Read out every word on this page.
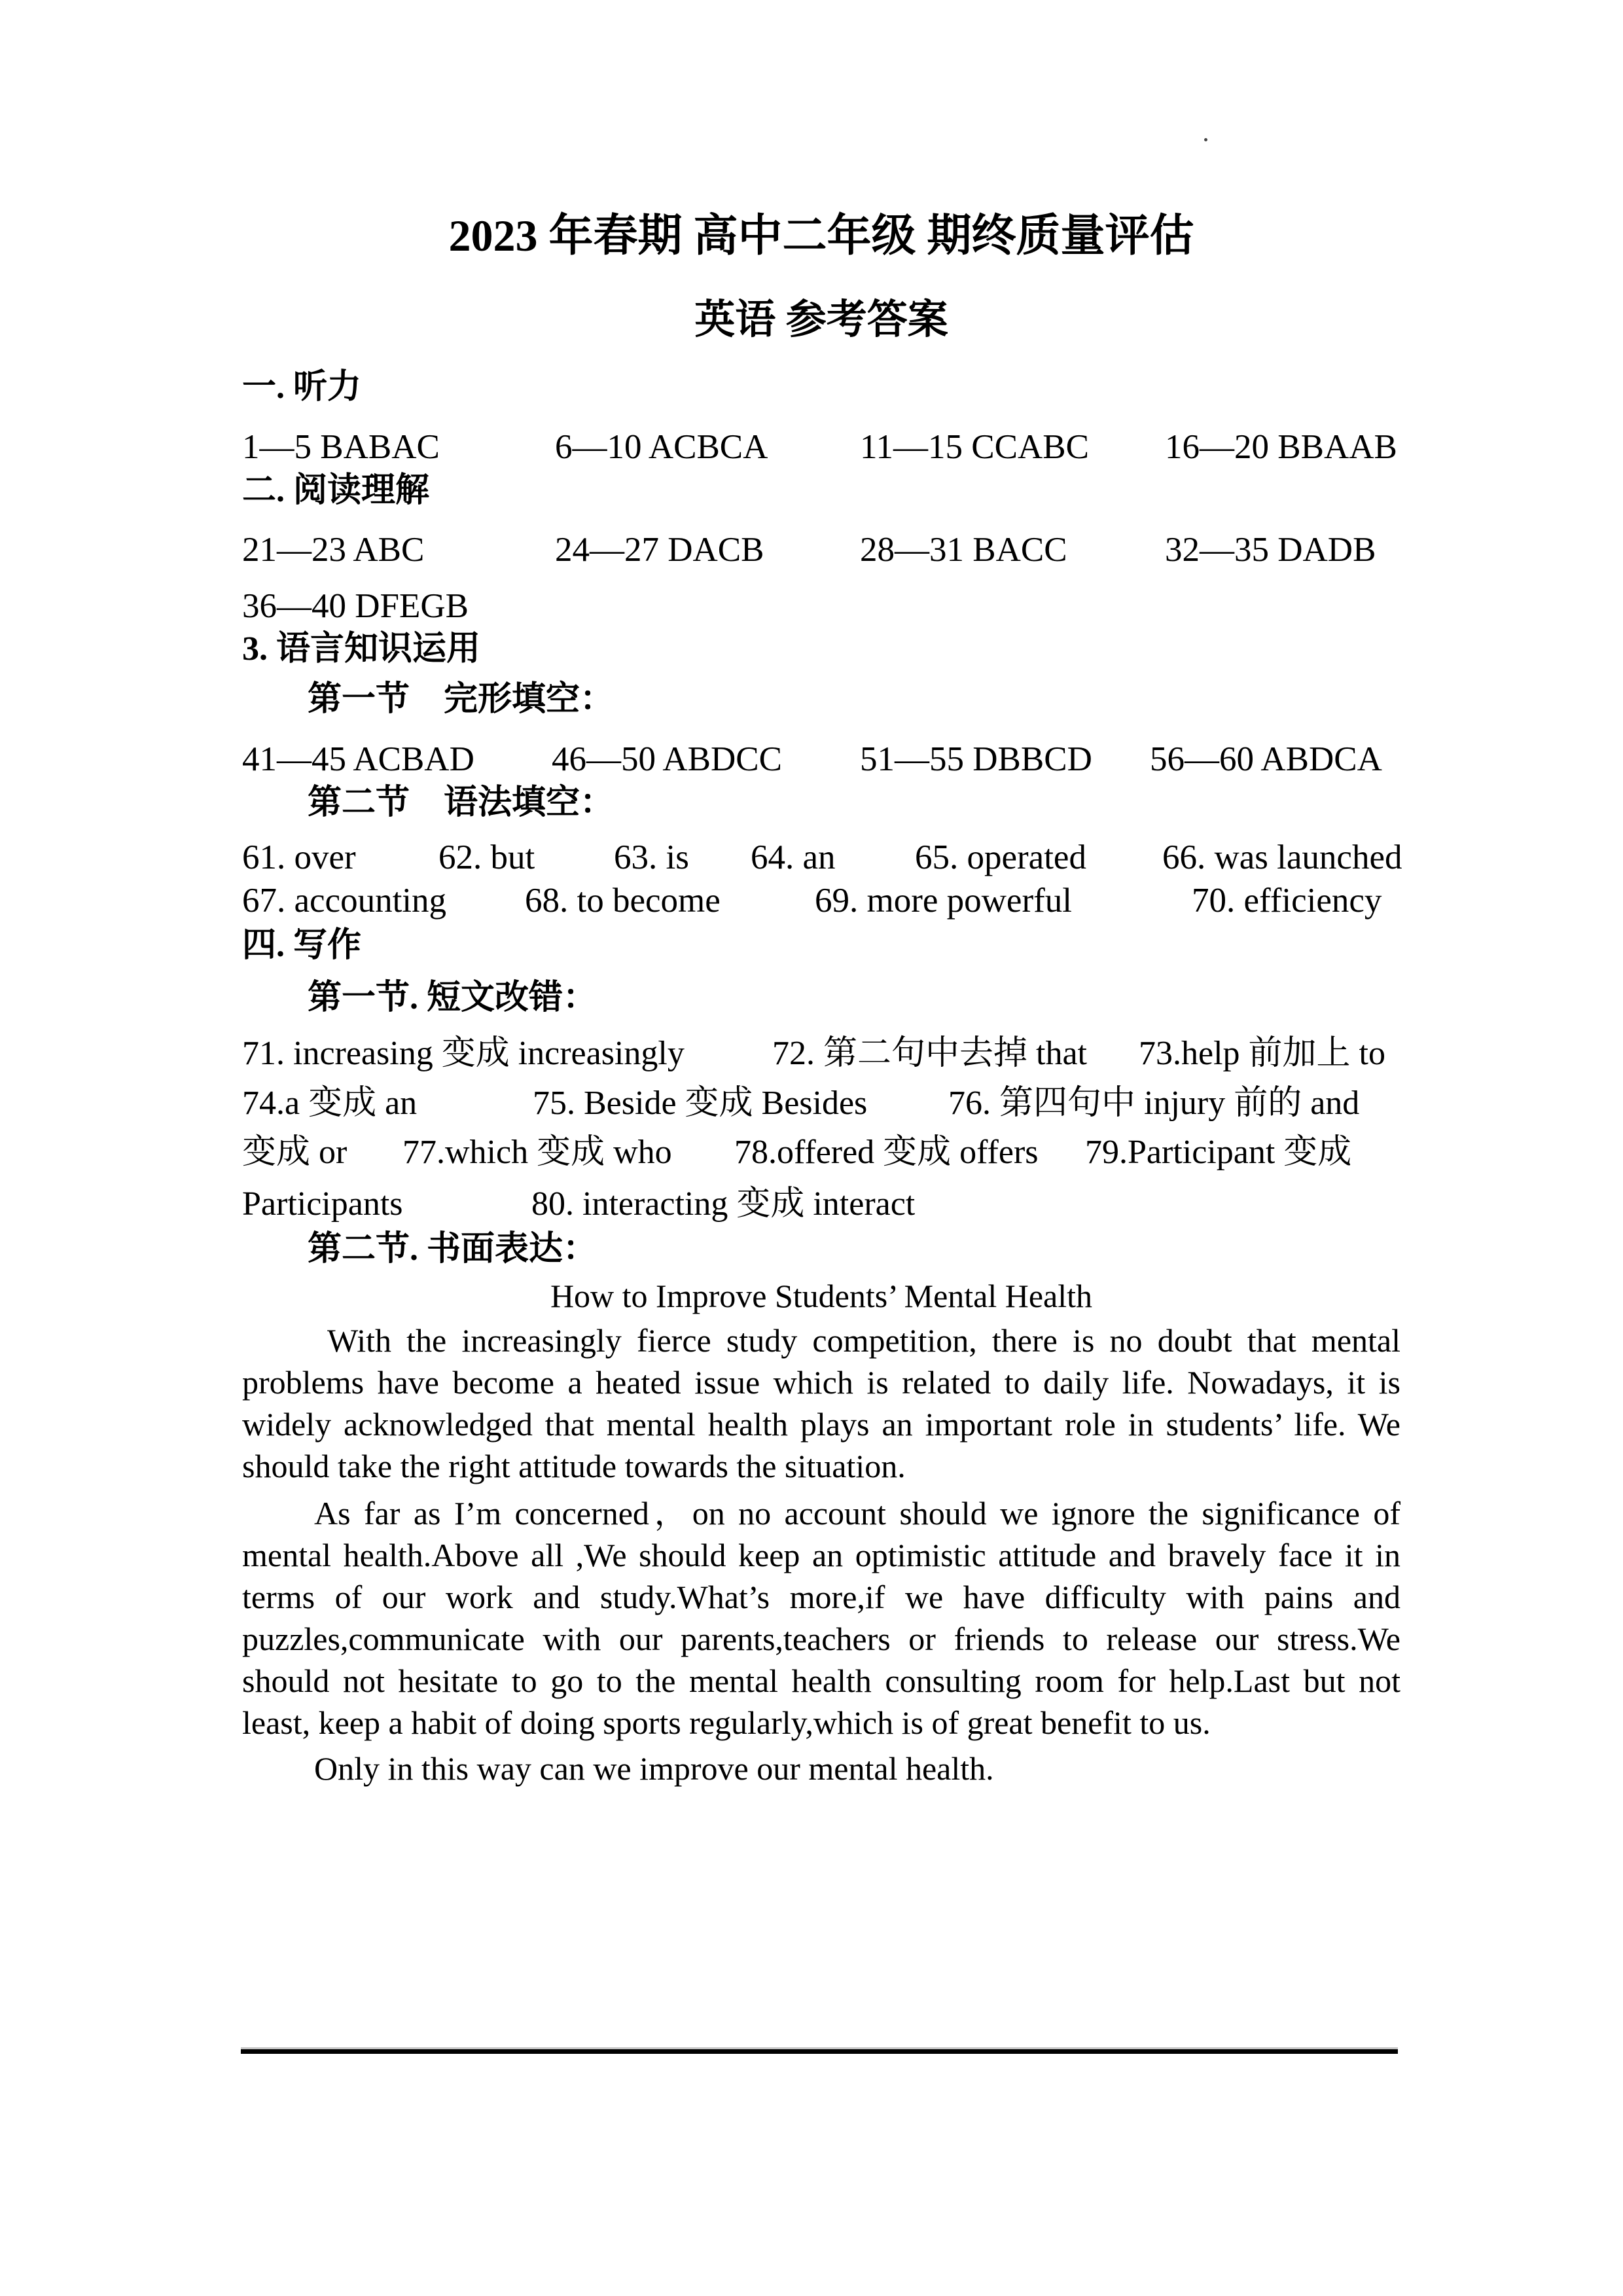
2023 年春期 高中二年级 期终质量评估
英语 参考答案
一. 听力
1—5 BABAC	6—10 ACBCA	11—15 CCABC 16—20 BBAAB
二. 阅读理解
21—23 ABC	24—27 DACB	28—31 BACC	32—35 DADB
36—40 DFEGB
3. 语言知识运用
第一节　完形填空：
41—45 ACBAD 46—50 ABDCC 51—55 DBBCD 56—60 ABDCA
第二节　语法填空：
61. over 62. but 63. is 64. an 65. operated 66. was launched
67. accounting 68. to become	69. more powerful	70. efficiency
四. 写作
第一节. 短文改错：
71. increasing 变成 increasingly	72. 第二句中去掉 that 73.help 前加上 to
74.a 变成 an	75. Beside 变成 Besides 76. 第四句中 injury 前的 and
变成 or 77.which 变成 who 78.offered 变成 offers 79.Participant 变成
Participants	80. interacting 变成 interact
第二节. 书面表达：
How to Improve Students’ Mental Health
With the increasingly fierce study competition, there is no doubt that mental problems have become a heated issue which is related to daily life. Nowadays, it is widely acknowledged that mental health plays an important role in students’ life. We should take the right attitude towards the situation.
As far as I’m concerned，on no account should we ignore the significance of mental health.Above all ,We should keep an optimistic attitude and bravely face it in terms of our work and study.What’s more,if we have difficulty with pains and puzzles,communicate with our parents,teachers or friends to release our stress.We should not hesitate to go to the mental health consulting room for help.Last but not least, keep a habit of doing sports regularly,which is of great benefit to us.
Only in this way can we improve our mental health.
